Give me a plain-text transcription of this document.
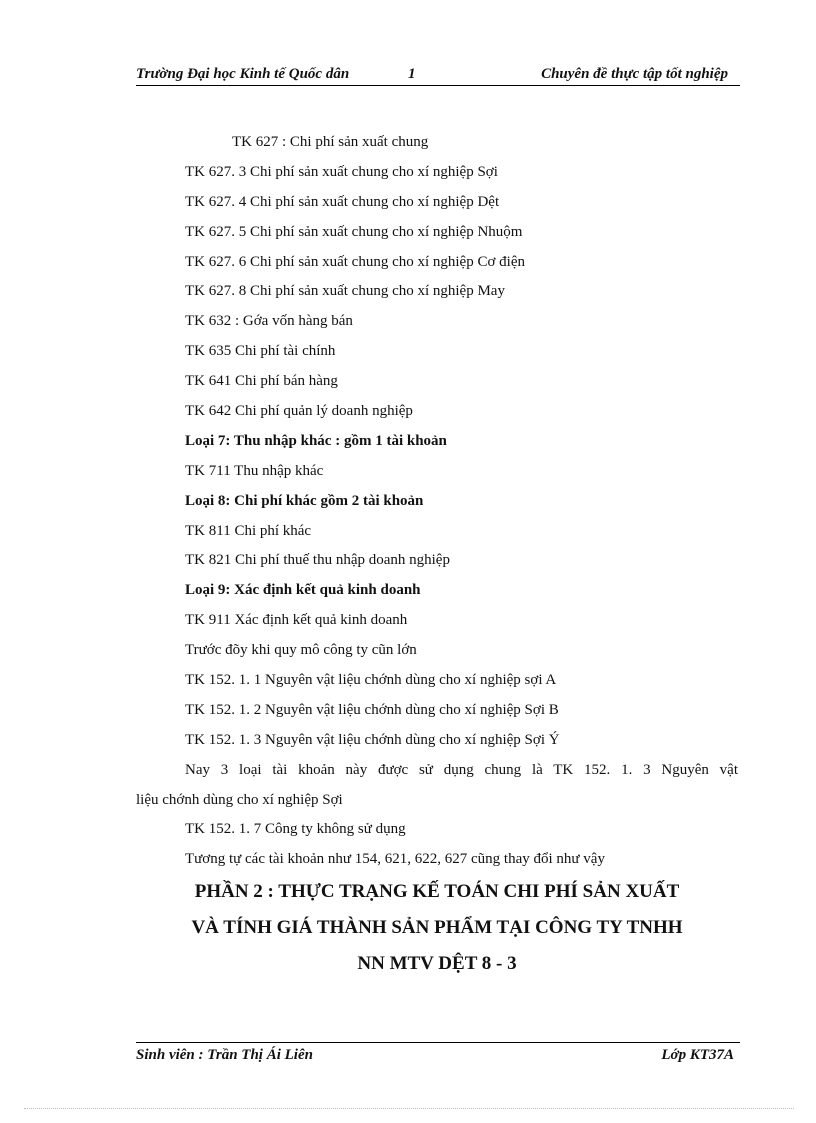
Trường Đại học Kinh tế Quốc dân	1	Chuyên đề thực tập tốt nghiệp
TK 627 : Chi phí sản xuất chung
TK 627. 3 Chi phí sản xuất chung cho xí nghiệp Sợi
TK 627. 4 Chi phí sản xuất chung cho xí nghiệp Dệt
TK 627. 5 Chi phí sản xuất chung cho xí nghiệp Nhuộm
TK 627. 6 Chi phí sản xuất chung cho xí nghiệp Cơ điện
TK 627. 8 Chi phí sản xuất chung cho xí nghiệp May
TK 632 : Gớa vốn hàng bán
TK 635 Chi phí tài chính
TK 641 Chi phí bán hàng
TK 642 Chi phí quản lý doanh nghiệp
Loại 7: Thu nhập khác : gồm 1 tài khoản
TK 711 Thu nhập khác
Loại 8: Chi phí khác gồm 2 tài khoản
TK 811 Chi phí khác
TK 821 Chi phí thuế thu nhập doanh nghiệp
Loại 9: Xác định kết quả kinh doanh
TK 911 Xác định kết quả kinh doanh
Trước đõy khi quy mô công ty cũn lớn
TK 152. 1. 1 Nguyên vật liệu chớnh dùng cho xí nghiệp sợi A
TK 152. 1. 2 Nguyên vật liệu chớnh dùng cho xí nghiệp Sợi B
TK 152. 1. 3 Nguyên vật liệu chớnh dùng cho xí nghiệp Sợi Ý
Nay 3 loại tài khoản này được sử dụng chung là TK 152. 1. 3 Nguyên vật
liệu chớnh dùng cho xí nghiệp Sợi
TK 152. 1. 7 Công ty không sử dụng
Tương tự các tài khoản như 154, 621, 622, 627 cũng thay đổi như vậy
PHẦN 2 : THỰC TRẠNG KẾ TOÁN CHI PHÍ SẢN XUẤT
VÀ TÍNH GIÁ THÀNH SẢN PHẨM TẠI CÔNG TY TNHH
NN MTV DỆT 8 - 3
Sinh viên : Trần Thị Ái Liên	Lớp KT37A
